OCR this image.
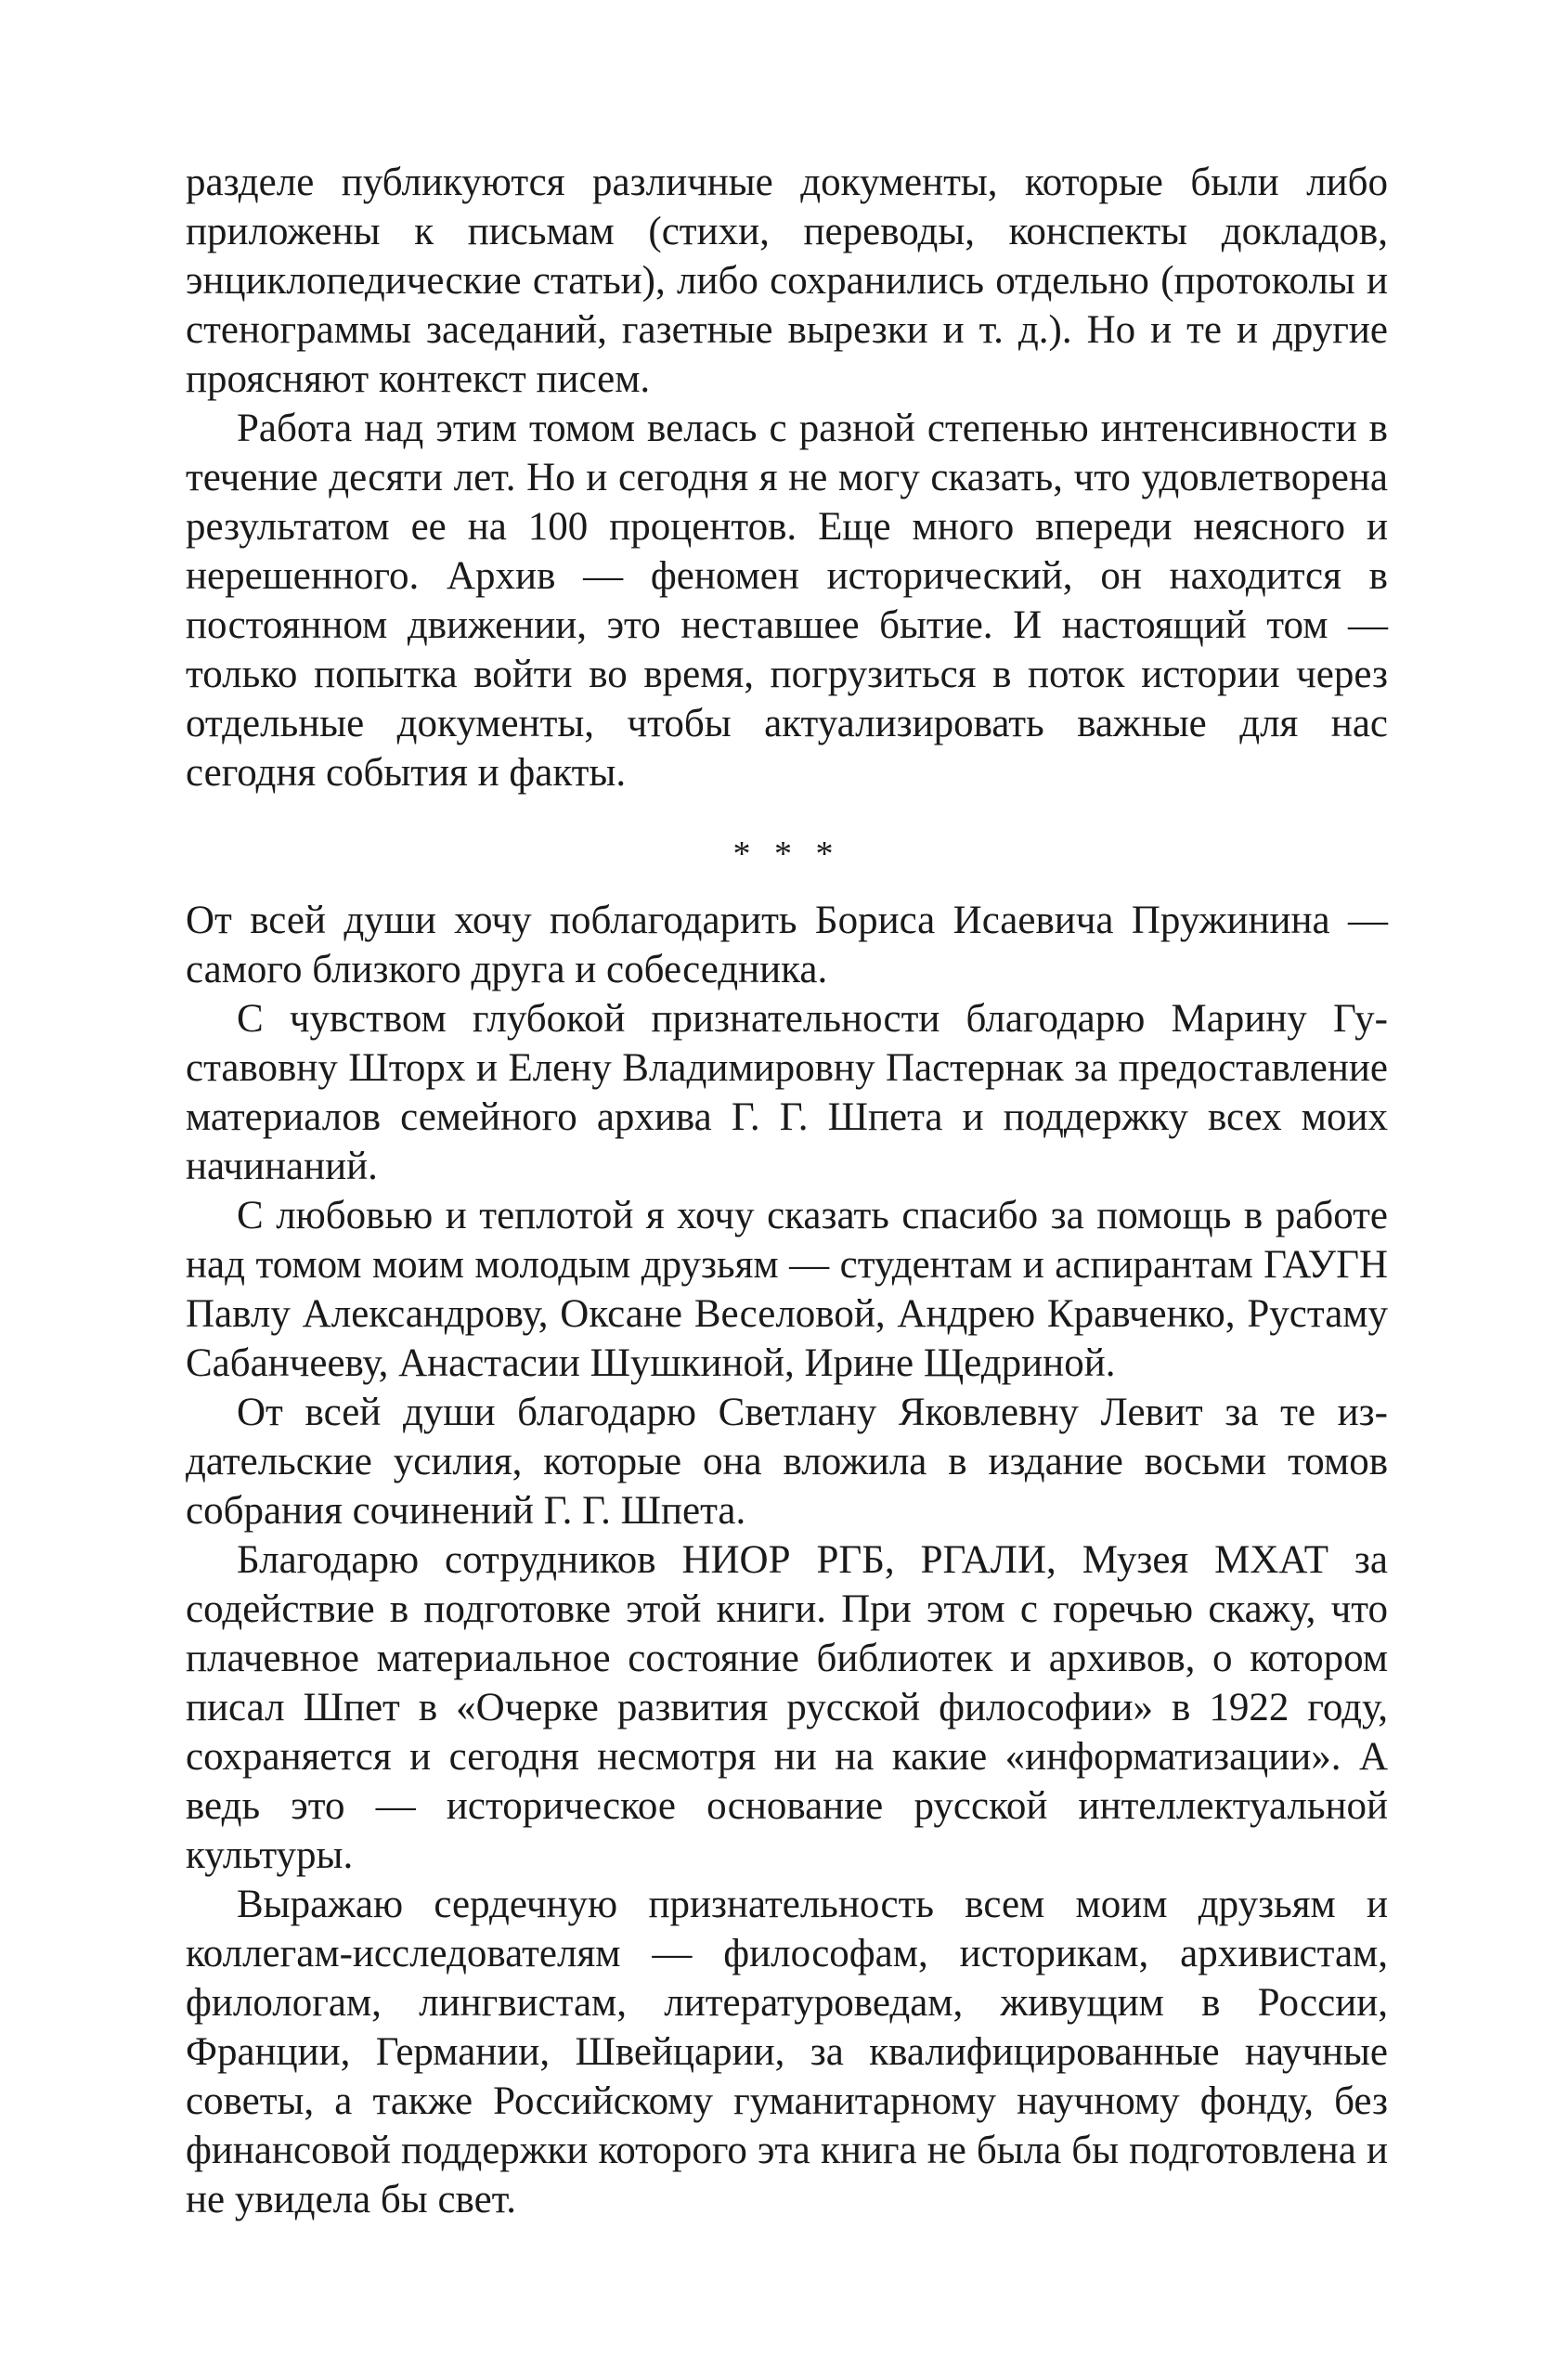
разделе публикуются различные документы, которые были либо приложены к письмам (стихи, переводы, конспекты докладов, энциклопедические статьи), либо сохранились отдельно (протоколы и стенограммы заседаний, газетные вырезки и т. д.). Но и те и другие проясняют контекст писем.

Работа над этим томом велась с разной степенью интенсивности в течение десяти лет. Но и сегодня я не могу сказать, что удовлетворена результатом ее на 100 процентов. Еще много впереди неясного и нерешенного. Архив — феномен исторический, он находится в постоянном движении, это неставшее бытие. И настоящий том — только попытка войти во время, погрузиться в поток истории через отдельные документы, чтобы актуализировать важные для нас сегодня события и факты.

* * *

От всей души хочу поблагодарить Бориса Исаевича Пружинина — самого близкого друга и собеседника.

С чувством глубокой признательности благодарю Марину Густавовну Шторх и Елену Владимировну Пастернак за предоставление материалов семейного архива Г. Г. Шпета и поддержку всех моих начинаний.

С любовью и теплотой я хочу сказать спасибо за помощь в работе над томом моим молодым друзьям — студентам и аспирантам ГАУГН Павлу Александрову, Оксане Веселовой, Андрею Кравченко, Рустаму Сабанчееву, Анастасии Шушкиной, Ирине Щедриной.

От всей души благодарю Светлану Яковлевну Левит за те издательские усилия, которые она вложила в издание восьми томов собрания сочинений Г. Г. Шпета.

Благодарю сотрудников НИОР РГБ, РГАЛИ, Музея МХАТ за содействие в подготовке этой книги. При этом с горечью скажу, что плачевное материальное состояние библиотек и архивов, о котором писал Шпет в «Очерке развития русской философии» в 1922 году, сохраняется и сегодня несмотря ни на какие «информатизации». А ведь это — историческое основание русской интеллектуальной культуры.

Выражаю сердечную признательность всем моим друзьям и коллегам-исследователям — философам, историкам, архивистам, филологам, лингвистам, литературоведам, живущим в России, Франции, Германии, Швейцарии, за квалифицированные научные советы, а также Российскому гуманитарному научному фонду, без финансовой поддержки которого эта книга не была бы подготовлена и не увидела бы свет.
